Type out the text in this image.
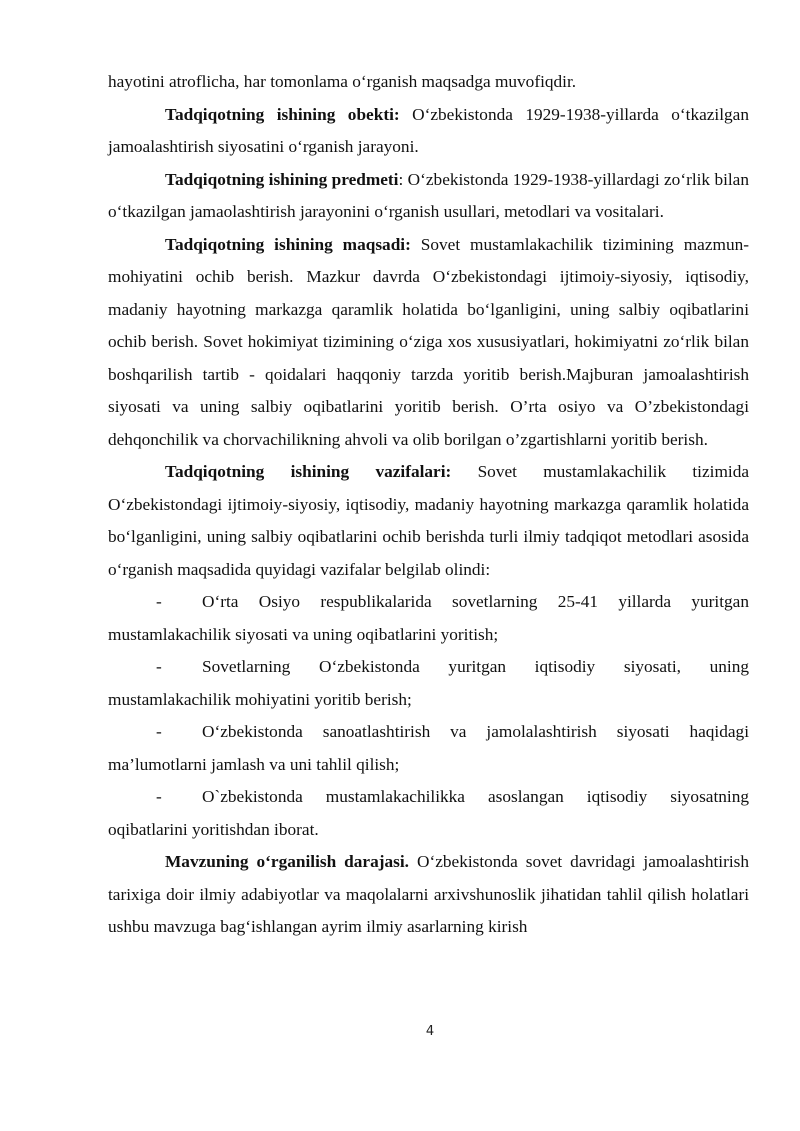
hayotini atroflicha, har tomonlama o‘rganish maqsadga muvofiqdir.

Tadqiqotning ishining obekti: O‘zbekistonda 1929-1938-yillarda o‘tkazilgan jamoalashtirish siyosatini o‘rganish jarayoni.

Tadqiqotning ishining predmeti: O‘zbekistonda 1929-1938-yillardagi zo‘rlik bilan o‘tkazilgan jamaolashtirish jarayonini o‘rganish usullari, metodlari va vositalari.

Tadqiqotning ishining maqsadi: Sovet mustamlakachilik tizimining mazmun-mohiyatini ochib berish. Mazkur davrda O‘zbekistondagi ijtimoiy-siyosiy, iqtisodiy, madaniy hayotning markazga qaramlik holatida bo‘lganligini, uning salbiy oqibatlarini ochib berish. Sovet hokimiyat tizimining o‘ziga xos xususiyatlari, hokimiyatni zo‘rlik bilan boshqarilish tartib - qoidalari haqqoniy tarzda yoritib berish.Majburan jamoalashtirish siyosati va uning salbiy oqibatlarini yoritib berish. O’rta osiyo va O’zbekistondagi dehqonchilik va chorvachilikning ahvoli va olib borilgan o’zgartishlarni yoritib berish.

Tadqiqotning ishining vazifalari: Sovet mustamlakachilik tizimida O‘zbekistondagi ijtimoiy-siyosiy, iqtisodiy, madaniy hayotning markazga qaramlik holatida bo‘lganligini, uning salbiy oqibatlarini ochib berishda turli ilmiy tadqiqot metodlari asosida o‘rganish maqsadida quyidagi vazifalar belgilab olindi:

- O‘rta Osiyo respublikalarida sovetlarning 25-41 yillarda yuritgan mustamlakachilik siyosati va uning oqibatlarini yoritish;

- Sovetlarning O‘zbekistonda yuritgan iqtisodiy siyosati, uning mustamlakachilik mohiyatini yoritib berish;

- O‘zbekistonda sanoatlashtirish va jamolalashtirish siyosati haqidagi ma’lumotlarni jamlash va uni tahlil qilish;

- O`zbekistonda mustamlakachilikka asoslangan iqtisodiy siyosatning oqibatlarini yoritishdan iborat.

Mavzuning o‘rganilish darajasi. O‘zbekistonda sovet davridagi jamoalashtirish tarixiga doir ilmiy adabiyotlar va maqolalarni arxivshunoslik jihatidan tahlil qilish holatlari ushbu mavzuga bag‘ishlangan ayrim ilmiy asarlarning kirish

4
